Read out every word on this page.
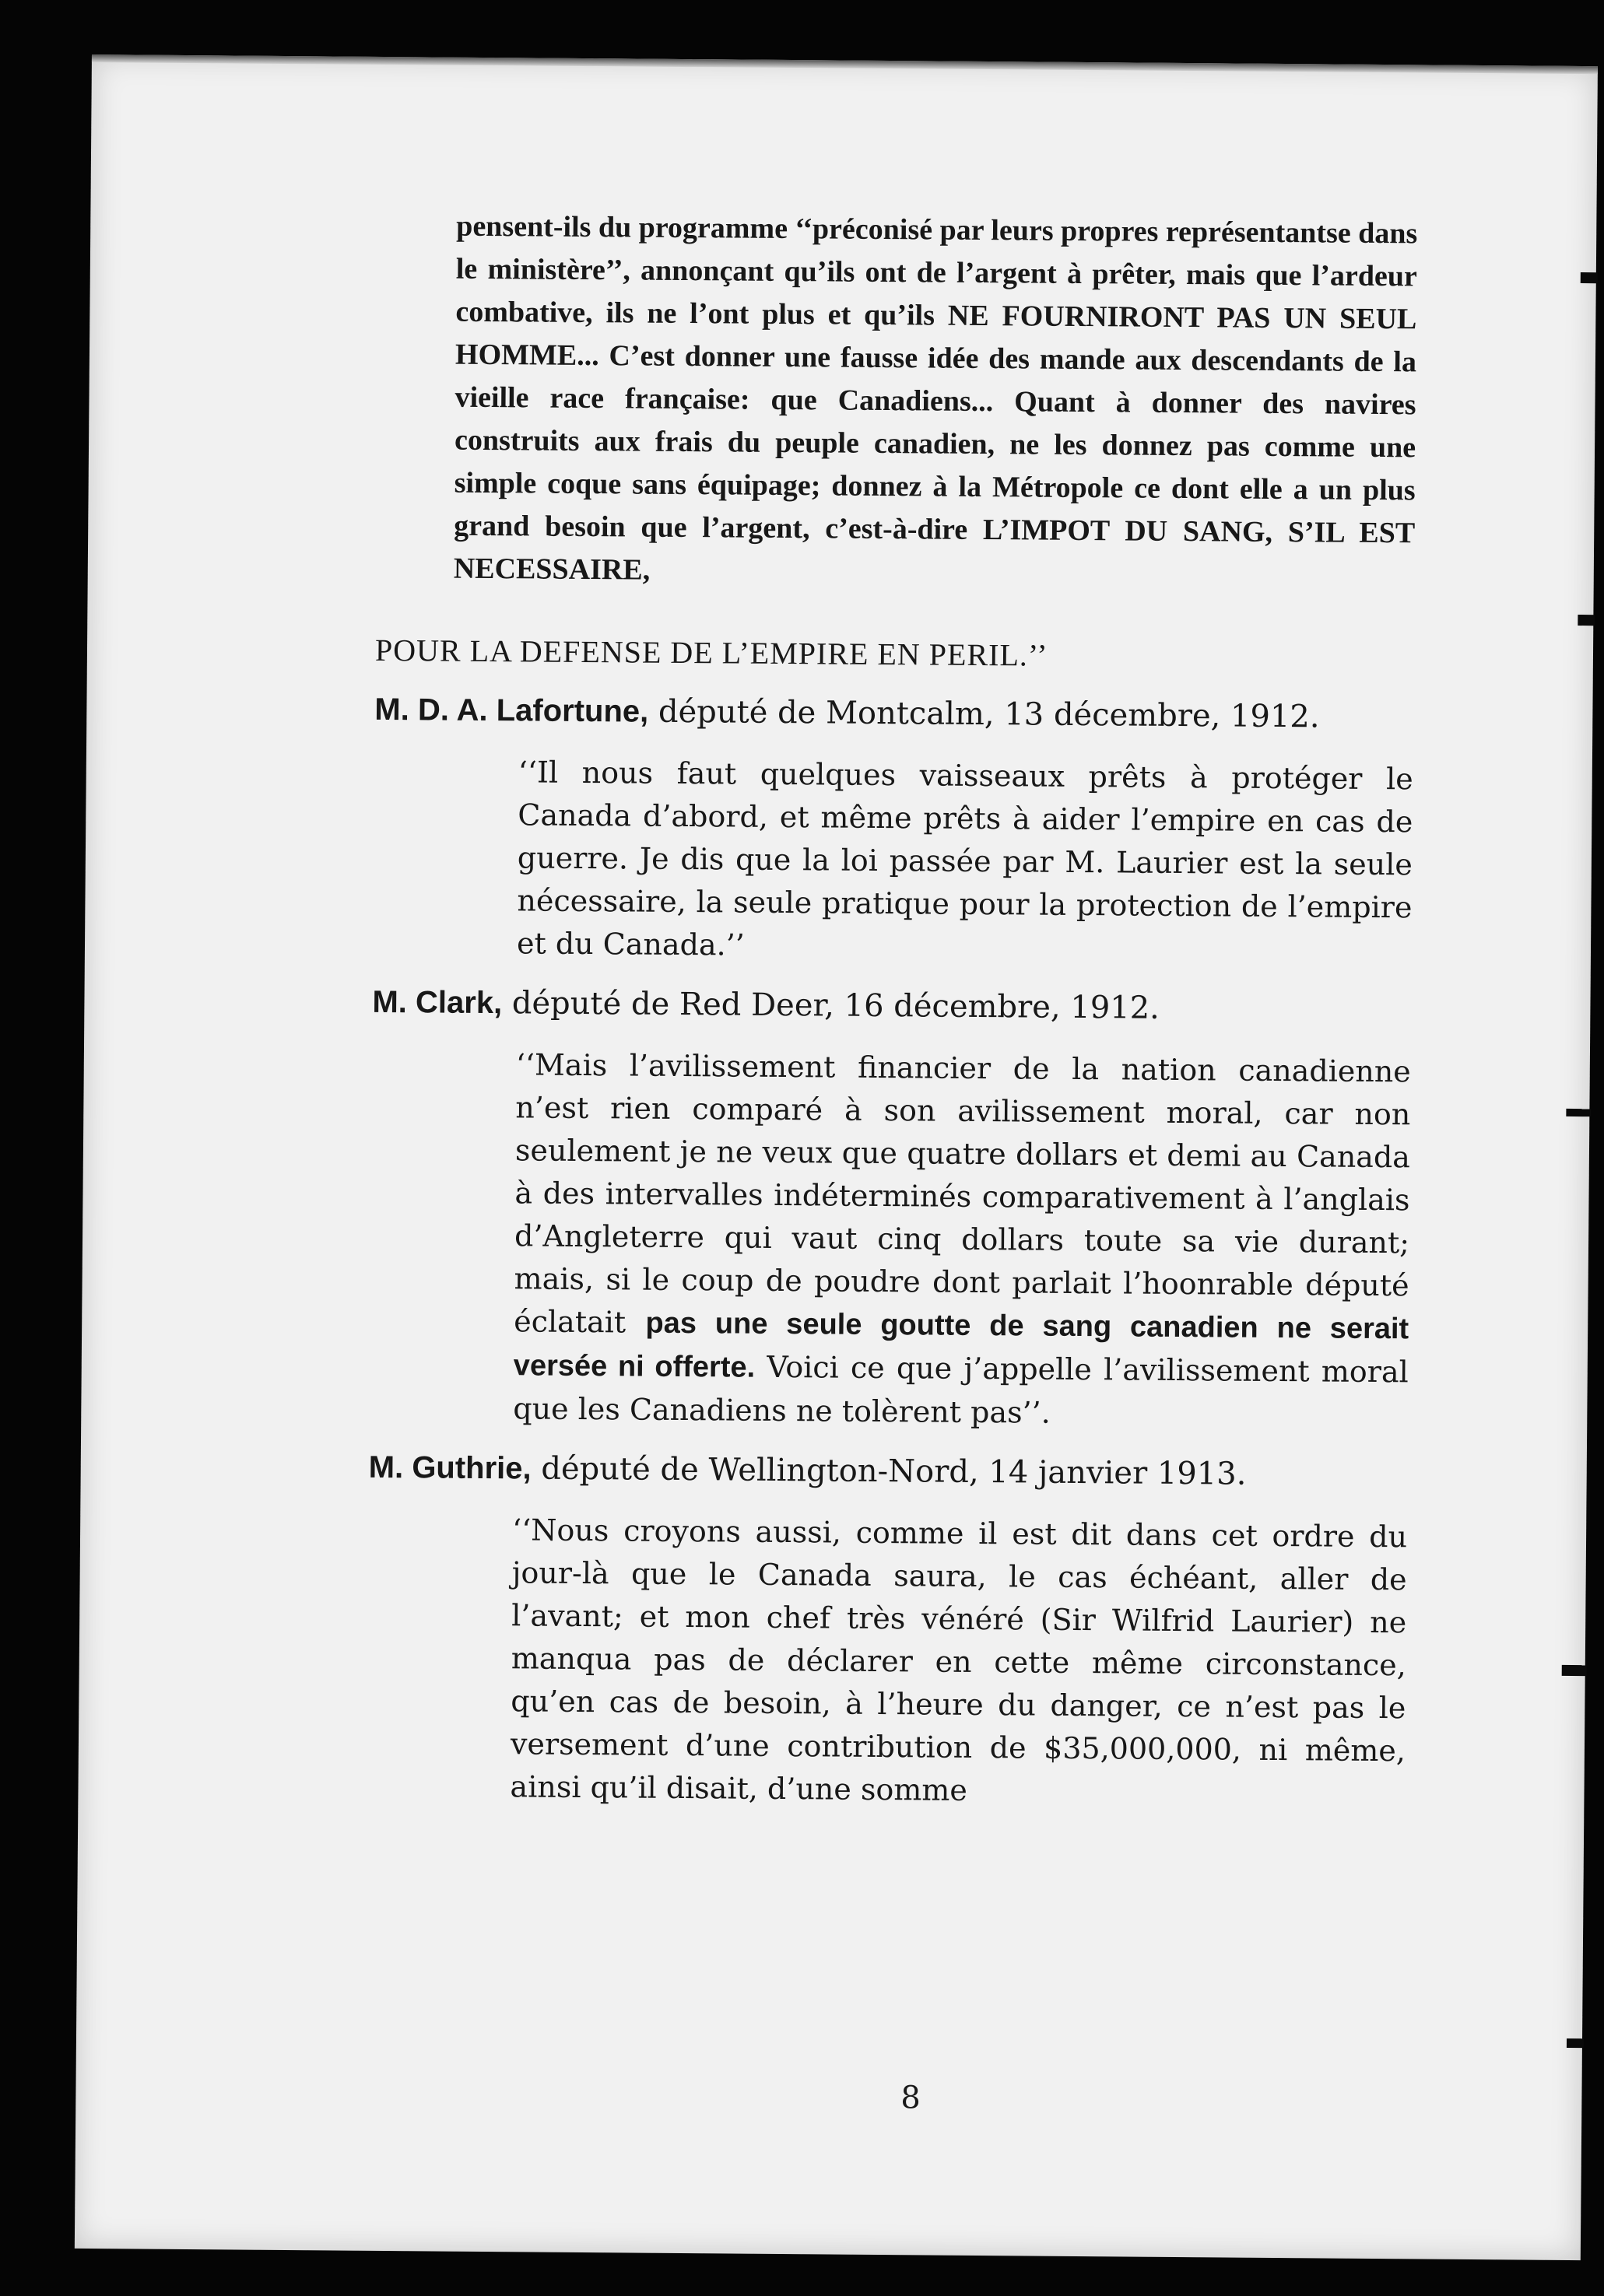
pensent-ils du programme ‘‘préconisé par leurs propres représentantse dans le ministère’’, annonçant qu’ils ont de l’argent à prêter, mais que l’ardeur combative, ils ne l’ont plus et qu’ils NE FOURNIRONT PAS UN SEUL HOMME... C’est donner une fausse idée des mande aux descendants de la vieille race française: que Canadiens... Quant à donner des navires construits aux frais du peuple canadien, ne les donnez pas comme une simple coque sans équipage; donnez à la Métropole ce dont elle a un plus grand besoin que l’argent, c’est-à-dire L’IMPOT DU SANG, S’IL EST NECESSAIRE,

POUR LA DEFENSE DE L’EMPIRE EN PERIL.’’

M. D. A. Lafortune, député de Montcalm, 13 décembre, 1912.

‘‘Il nous faut quelques vaisseaux prêts à protéger le Canada d’abord, et même prêts à aider l’empire en cas de guerre. Je dis que la loi passée par M. Laurier est la seule nécessaire, la seule pratique pour la protection de l’empire et du Canada.’’

M. Clark, député de Red Deer, 16 décembre, 1912.

‘‘Mais l’avilissement financier de la nation canadienne n’est rien comparé à son avilissement moral, car non seulement je ne veux que quatre dollars et demi au Canada à des intervalles indéterminés comparativement à l’anglais d’Angleterre qui vaut cinq dollars toute sa vie durant; mais, si le coup de poudre dont parlait l’hoonrable député éclatait pas une seule goutte de sang canadien ne serait versée ni offerte. Voici ce que j’appelle l’avilissement moral que les Canadiens ne tolèrent pas’’.

M. Guthrie, député de Wellington-Nord, 14 janvier 1913.

‘‘Nous croyons aussi, comme il est dit dans cet ordre du jour-là que le Canada saura, le cas échéant, aller de l’avant; et mon chef très vénéré (Sir Wilfrid Laurier) ne manqua pas de déclarer en cette même circonstance, qu’en cas de besoin, à l’heure du danger, ce n’est pas le versement d’une contribution de $35,000,000, ni même, ainsi qu’il disait, d’une somme

8
